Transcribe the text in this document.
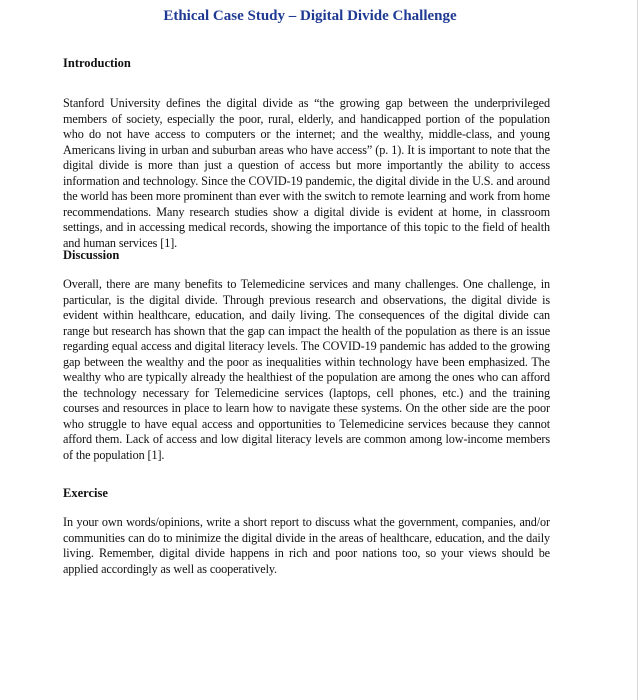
Ethical Case Study – Digital Divide Challenge
Introduction

Stanford University defines the digital divide as “the growing gap between the underprivileged members of society, especially the poor, rural, elderly, and handicapped portion of the population who do not have access to computers or the internet; and the wealthy, middle-class, and young Americans living in urban and suburban areas who have access” (p. 1). It is important to note that the digital divide is more than just a question of access but more importantly the ability to access information and technology. Since the COVID-19 pandemic, the digital divide in the U.S. and around the world has been more prominent than ever with the switch to remote learning and work from home recommendations. Many research studies show a digital divide is evident at home, in classroom settings, and in accessing medical records, showing the importance of this topic to the field of health and human services [1].

Discussion

Overall, there are many benefits to Telemedicine services and many challenges. One challenge, in particular, is the digital divide. Through previous research and observations, the digital divide is evident within healthcare, education, and daily living. The consequences of the digital divide can range but research has shown that the gap can impact the health of the population as there is an issue regarding equal access and digital literacy levels. The COVID-19 pandemic has added to the growing gap between the wealthy and the poor as inequalities within technology have been emphasized. The wealthy who are typically already the healthiest of the population are among the ones who can afford the technology necessary for Telemedicine services (laptops, cell phones, etc.) and the training courses and resources in place to learn how to navigate these systems. On the other side are the poor who struggle to have equal access and opportunities to Telemedicine services because they cannot afford them. Lack of access and low digital literacy levels are common among low-income members of the population [1].

Exercise

In your own words/opinions, write a short report to discuss what the government, companies, and/or communities can do to minimize the digital divide in the areas of healthcare, education, and the daily living. Remember, digital divide happens in rich and poor nations too, so your views should be applied accordingly as well as cooperatively.
